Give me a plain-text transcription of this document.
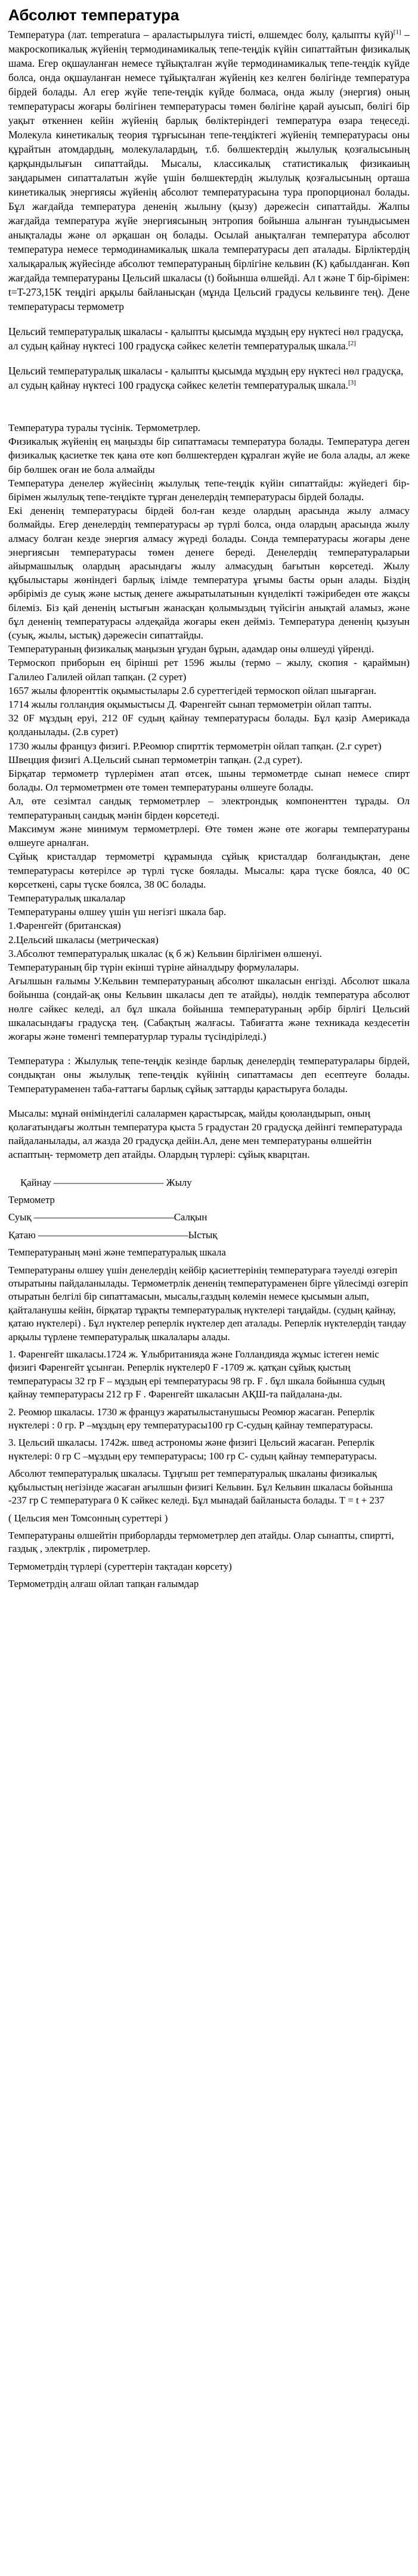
Абсолют температура

Температура (лат. temperatura – араластырылуға тиісті, өлшемдес болу, қалыпты күй)[1] – макроскопикалық жүйенің термодинамикалық тепе-теңдік күйін сипаттайтын физикалық шама. Егер оқшауланған немесе тұйықталған жүйе термодинамикалық тепе-теңдік күйде болса, онда оқшауланған немесе тұйықталған жүйенің кез келген бөлігінде температура бірдей болады. Ал егер жүйе тепе-теңдік күйде болмаса, онда жылу (энергия) оның температурасы жоғары бөлігінен температурасы төмен бөлігіне қарай ауысып, бөлігі бір уақыт өткеннен кейін жүйенің барлық бөліктеріндегі температура өзара теңеседі. Молекула кинетикалық теория тұрғысынан тепе-теңдіктегі жүйенің температурасы оны құрайтын атомдардың, молекулалардың, т.б. бөлшектердің жылулық қозғалысының қарқындылығын сипаттайды. Мысалы, классикалық статистикалық физикаиың заңдарымен сипатталатын жүйе үшін бөлшектердің жылулық қозғалысының орташа кинетикалық энергиясы жүйенің абсолют температурасына тура пропорционал болады. Бұл жағдайда температура дененің жылыну (қызу) дәрежесін сипаттайды. Жалпы жағдайда температура жүйе энергиясының энтропия бойынша алынған туындысымен анықталады және ол әрқашан оң болады. Осылай анықталған температура абсолют температура немесе термодинамикалық шкала температурасы деп аталады. Бірліктердің халықаралық жүйесінде абсолют температураның бірлігіне кельвин (K) қабылданған. Көп жағдайда температураны Цельсий шкаласы (t) бойынша өлшейді. Ал t және T бір-бірімен: t=T-273,15K теңдігі арқылы байланысқан (мұнда Цельсий градусы кельвинге тең). Дене температурасы термометр

Цельсий температуралық шкаласы - қалыпты қысымда мұздың еру нүктесі нөл градусқа, ал судың қайнау нүктесі 100 градусқа сәйкес келетін температуралық шкала.[2]

Цельсий температуралық шкаласы - қалыпты қысымда мұздың еру нүктесі нөл градусқа, ал судың қайнау нүктесі 100 градусқа сәйкес келетін температуралық шкала.[3]

Температура туралы түсінік. Термометрлер.

Физикалық жүйенің ең маңызды бір сипаттамасы температура болады. Температура деген физикалық қасиетке тек қана өте көп бөлшектерден құралған жүйе ие бола алады, ал жеке бір бөлшек оған ие бола алмайды

Температура денелер жүйесінің жылулық тепе-теңдік күйін сипаттайды: жүйедегі бір-бірімен жылулық тепе-теңдікте тұрған денелердің температурасы бірдей болады.

Екі дененің температурасы бірдей бол-ған кезде олардың арасында жылу алмасу болмайды. Егер денелердің температурасы әр түрлі болса, онда олардың арасында жылу алмасу болған кезде энергия алмасу жүреді болады. Сонда температурасы жоғары дене энергиясын температурасы төмен денеге береді. Денелердің температураларыи айырмашылық олардың арасындағы жылу алмасудың бағытын көрсетеді. Жылу құбылыстары жөніндегі барлық ілімде температура ұғымы басты орын алады. Біздің әрбіріміз де суық және ыстық денеге ажыратылатынын күнделікті тәжірибеден өте жақсы білеміз. Біз қай дененің ыстығын жанасқан қолымыздың түйсігін анықтай аламыз, және бұл дененің температурасы әлдеқайда жоғары екен дейміз. Температура дененің қызуын (суық, жылы, ыстық) дәрежесін сипаттайды.

Температураның физикалық маңызын ұғудан бұрын, адамдар оны өлшеуді үйренді.

Термоскоп приборын ең бірінші рет 1596 жылы (термо – жылу, скопия - қараймын) Галилео Галилей ойлап тапқан. (2 сурет)

1657 жылы флоренттік оқымыстылары 2.б суреттегідей термоскоп ойлап шығарған.

1714 жылы голландия оқымыстысы Д. Фаренгейт сынап термометрін ойлап тапты.

32 0F мұздың еруі, 212 0F судың қайнау температурасы болады. Бұл қазір Америкада қолданылады. (2.в сурет)

1730 жылы француз физигі. Р.Реомюр спирттік термометрін ойлап тапқан. (2.г сурет)

Швецция физигі А.Цельсий сынап термометрін тапқан. (2.д сурет).

Бірқатар термометр түрлерімен атап өтсек, шыны термометрде сынап немесе спирт болады. Ол термометрмен өте төмен температураны өлшеуге болады.

Ал, өте сезімтал сандық термометрлер – электрондық компоненттен тұрады. Ол температураның сандық мәнін бірден көрсетеді.

Максимум және минимум термометрлері. Өте төмен және өте жоғары температураны өлшеуге арналған.

Сұйық кристалдар термометрі құрамында сұйық кристалдар болғандықтан, дене температурасы көтерілсе әр түрлі түске боялады. Мысалы: қара түске боялса, 40 0С көрсеткені, сары түске боялса, 38 0С болады.

Температуралық шкалалар

Температураны өлшеу үшін үш негізгі шкала бар.

1.Фаренгейт (британская)

2.Цельсий шкаласы (метрическая)

3.Абсолют температуралық шкалас (қ б ж) Кельвин бірлігімен өлшенуі.

Температураның бір түрін екінші түрінe айналдыру формулалары.

Ағылшын ғалымы У.Кельвин температураның абсолют шкаласын енгізді. Абсолют шкала бойынша (сондай-ақ оны Кельвин шкаласы деп те атайды), нөлдік температура абсолют нөлге сәйкес келеді, ал бұл шкала бойынша температураның әрбір бірлігі Цельсий шкаласындағы градусқа тең. (Сабақтың жалғасы. Табиғатта және техникада кездесетін жоғары және төменгі температурлар туралы түсіндіріледі.)

Температура : Жылулық тепе-теңдік кезінде барлық денелердің температуралары бірдей, сондықтан оны жылулық тепе-теңдік күйінің сипаттамасы деп есептеуге болады. Температураменен таба-ғаттағы барлық сұйық заттарды қарастыруға болады.

Мысалы: мұнай өніміндегілі салалармен қарастырсақ, майды қоюландырып, оның қолағатындағы жолтын температура қыста 5 градустан 20 градусқа дейінгі температурада пайдаланылады, ал жазда 20 градусқа дейін.Ал, дене мен температураны өлшейтін аспаптың- термометр деп атайды. Олардың түрлері: сұйық кварцтан.

Қайнау ——————————— Жылу

Термометр

Суық ——————————————Салқын

Қатаю ———————————————Ыстық

Температураның мәні және температуралық шкала

Температураны өлшеу үшін денелердің кейбір қасиеттерінің температураға тәуелді өзгеріп отыратыны пайдаланылады. Термометрлік дененің температураменен бірге үйлесімді өзгеріп отыратын белгілі бір сипаттамасын, мысалы,газдың көлемін немесе қысымын алып, қайталанушы кейін, бірқатар тұрақты температуралық нүктелері таңдайды. (судың қайнау, қатаю нүктелері) . Бұл нүктелер реперлік нүктелер деп аталады. Реперлік нүктелердің тандау арқылы түрлене температуралық шкалалары алады.

1. Фаренгейт шкаласы.1724 ж. Ұлыбританияда және Голландияда жұмыс істеген неміс физигі Фаренгейт ұсынған. Реперлік нүктелер0 F -1709 ж. қатқан сұйық қыстың температурасы 32 гр F – мұздың ері температурасы 98 гр. F . бұл шкала бойынша судың қайнау температурасы 212 гр F . Фаренгейт шкаласын АҚШ-та пайдалана-ды.

2. Реомюр шкаласы. 1730 ж француз жаратылыстанушысы Реомюр жасаған. Реперлік нүктелері : 0 гр. Р –мұздың еру температурасы100 гр С-судың қайнау температурасы.

3. Цельсий шкаласы. 1742ж. швед астрономы және физигі Цельсий жасаған. Реперлік нүктелері: 0 гр С –мұздың еру температурасы; 100 гр С- судың қайнау температурасы.

Абсолют температуралық шкаласы. Тұңғыш рет температуралық шкаланы физикалық құбылыстың негізінде жасаған ағылшын физигі Кельвин. Бұл Кельвин шкаласы бойынша -237 гр С температураға 0 К сәйкес келеді. Бұл мынадай байланыста болады. Т = t + 237

( Цельсия мен Томсонның суреттері )

Температураны өлшейтін приборларды термометрлер деп атайды. Олар сынапты, спиртті, газдық , электрлік , пирометрлер.

Термометрдің түрлері (суреттерін тақтадан көрсету)

Термометрдің алғаш ойлап тапқан ғалымдар
